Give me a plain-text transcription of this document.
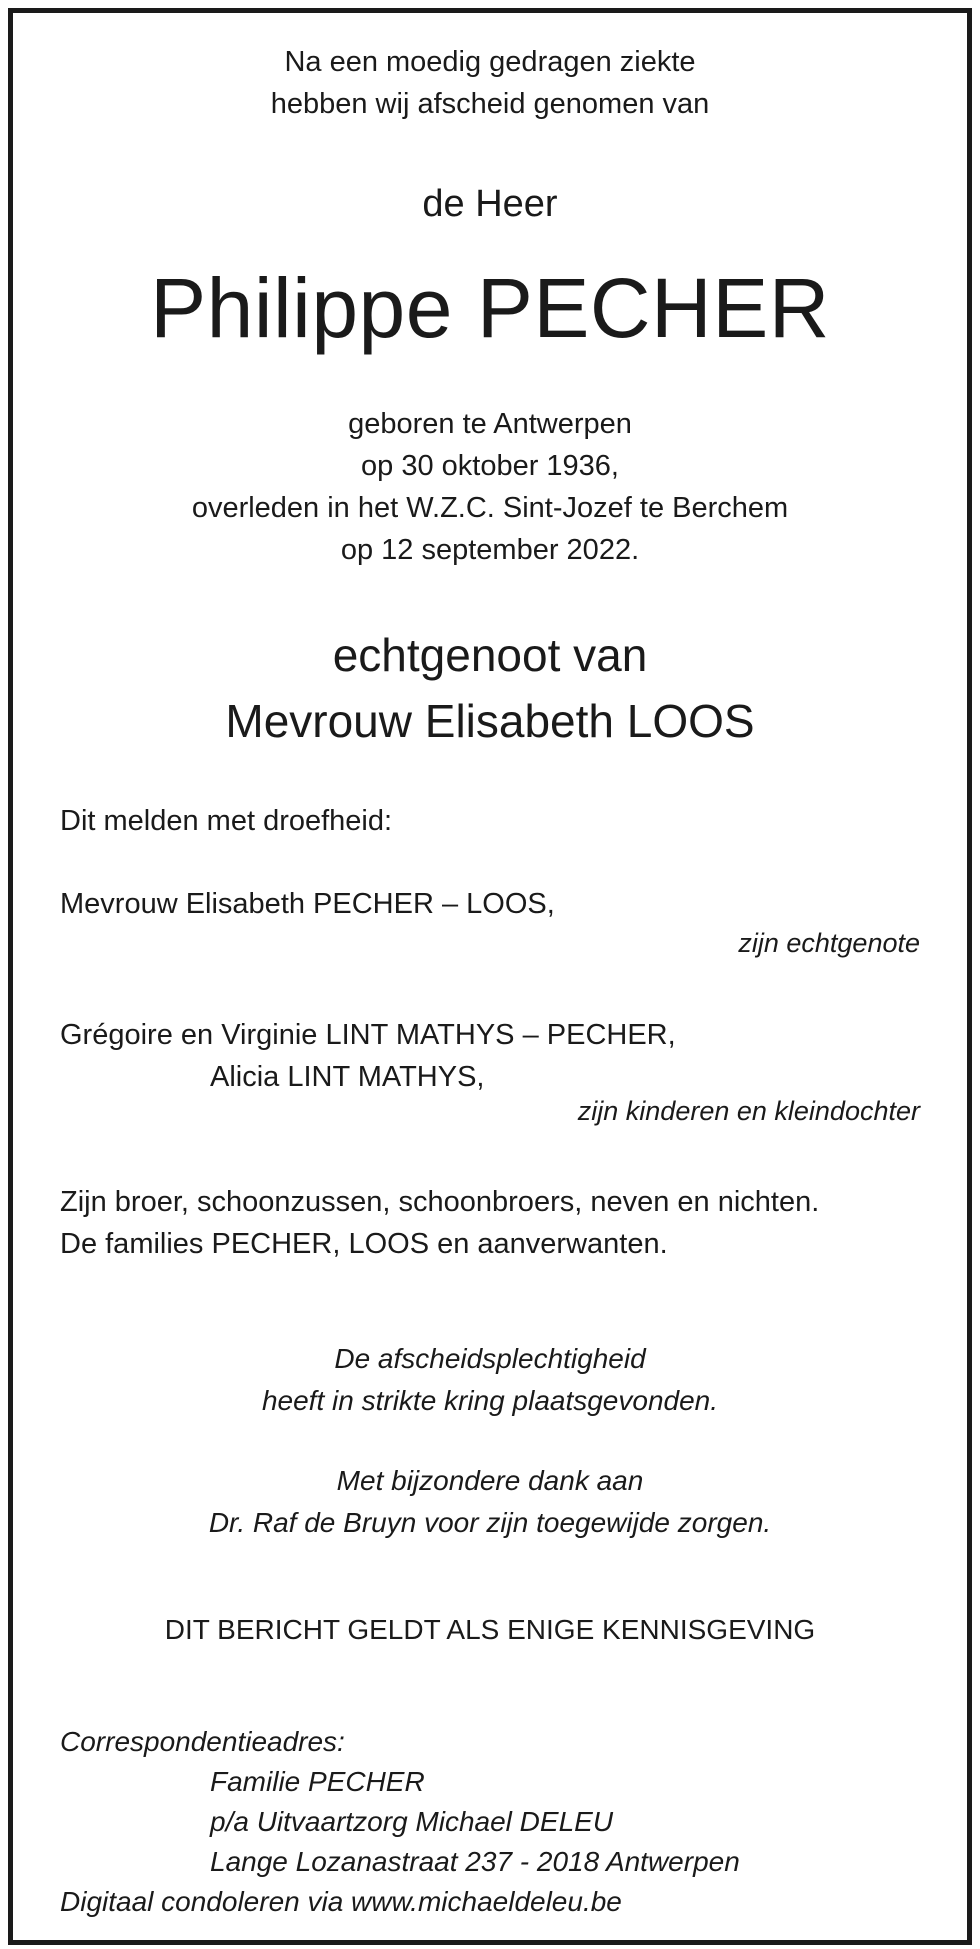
Na een moedig gedragen ziekte
hebben wij afscheid genomen van
de Heer
Philippe PECHER
geboren te Antwerpen
op 30 oktober 1936,
overleden in het W.Z.C. Sint-Jozef te Berchem
op 12 september 2022.
echtgenoot van
Mevrouw Elisabeth LOOS
Dit melden met droefheid:
Mevrouw Elisabeth PECHER – LOOS,
zijn echtgenote
Grégoire en Virginie LINT MATHYS – PECHER,
Alicia LINT MATHYS,
zijn kinderen en kleindochter
Zijn broer, schoonzussen, schoonbroers, neven en nichten.
De families PECHER, LOOS en aanverwanten.
De afscheidsplechtigheid
heeft in strikte kring plaatsgevonden.
Met bijzondere dank aan
Dr. Raf de Bruyn voor zijn toegewijde zorgen.
DIT BERICHT GELDT ALS ENIGE KENNISGEVING
Correspondentieadres:
Familie PECHER
p/a Uitvaartzorg Michael DELEU
Lange Lozanastraat 237 - 2018 Antwerpen
Digitaal condoleren via www.michaeldeleu.be
